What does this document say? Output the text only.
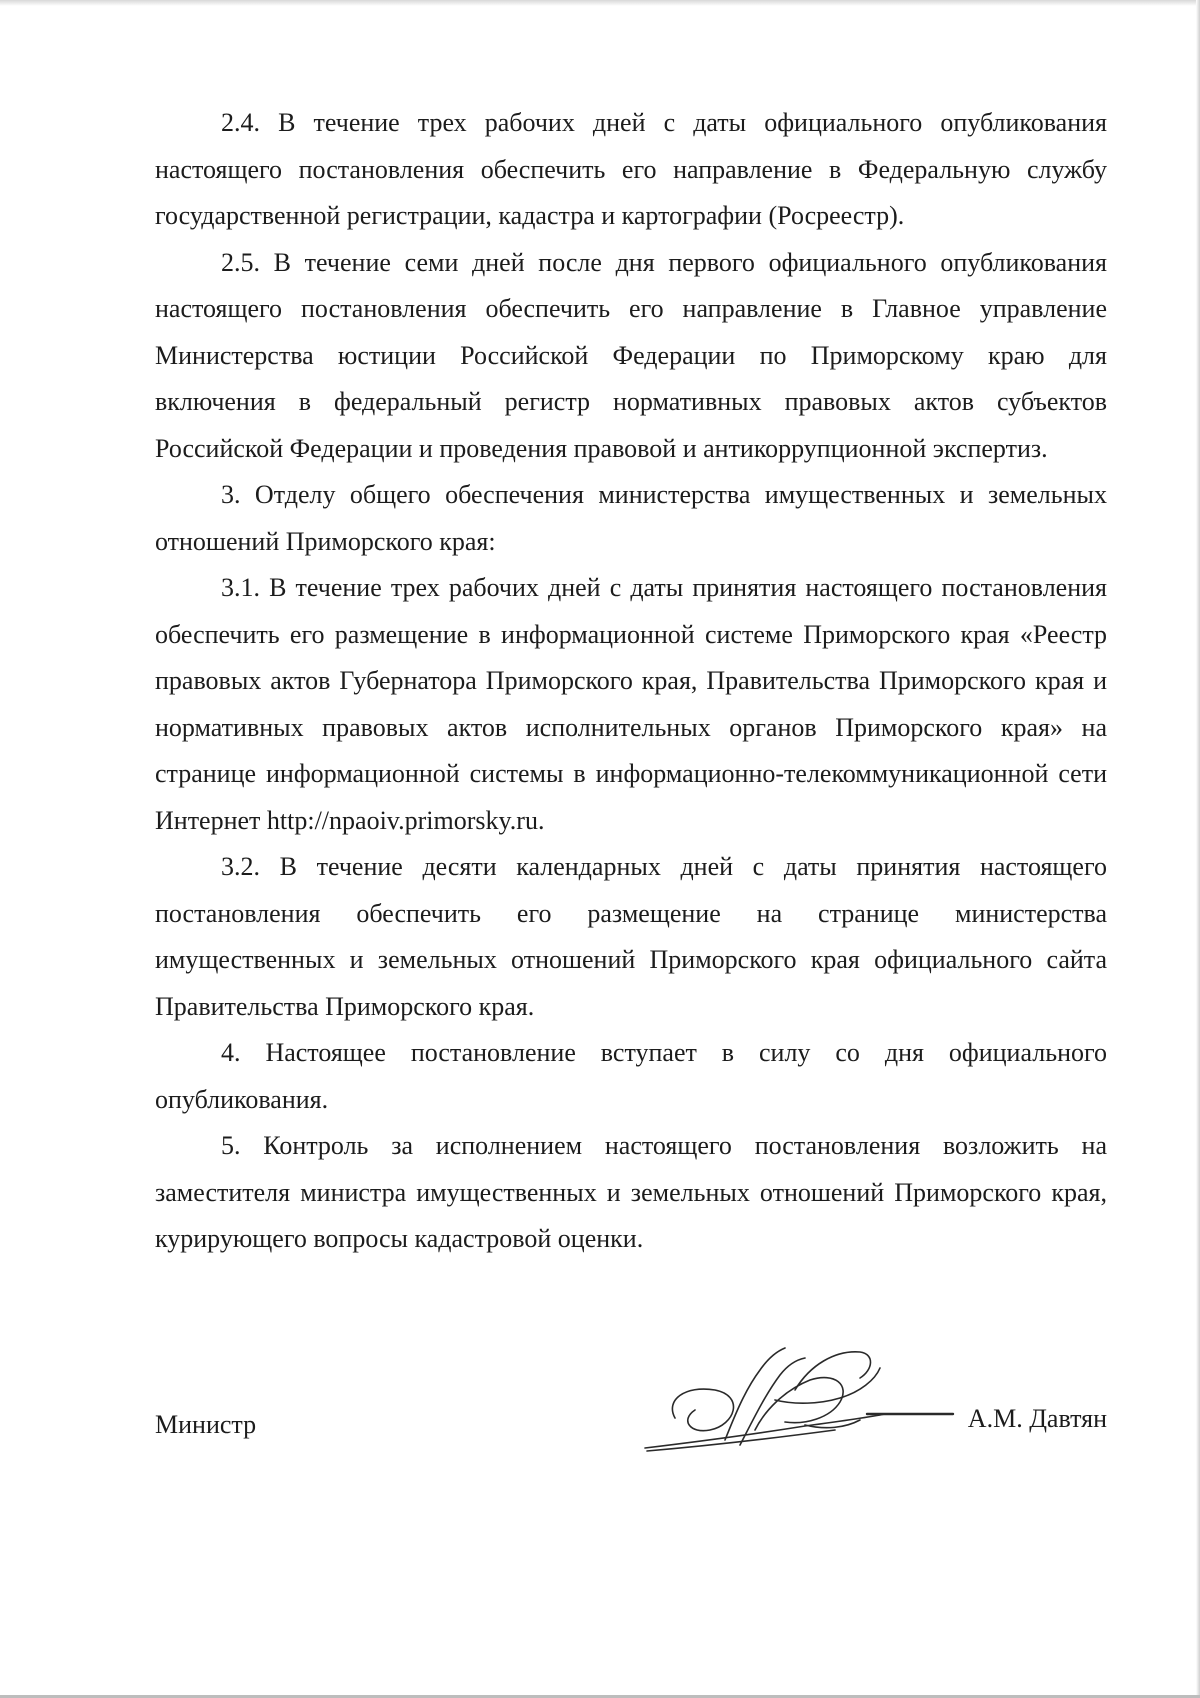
2.4. В течение трех рабочих дней с даты официального опубликования настоящего постановления обеспечить его направление в Федеральную службу государственной регистрации, кадастра и картографии (Росреестр).

2.5. В течение семи дней после дня первого официального опубликования настоящего постановления обеспечить его направление в Главное управление Министерства юстиции Российской Федерации по Приморскому краю для включения в федеральный регистр нормативных правовых актов субъектов Российской Федерации и проведения правовой и антикоррупционной экспертиз.

3. Отделу общего обеспечения министерства имущественных и земельных отношений Приморского края:

3.1. В течение трех рабочих дней с даты принятия настоящего постановления обеспечить его размещение в информационной системе Приморского края «Реестр правовых актов Губернатора Приморского края, Правительства Приморского края и нормативных правовых актов исполнительных органов Приморского края» на странице информационной системы в информационно-телекоммуникационной сети Интернет http://npaoiv.primorsky.ru.

3.2. В течение десяти календарных дней с даты принятия настоящего постановления обеспечить его размещение на странице министерства имущественных и земельных отношений Приморского края официального сайта Правительства Приморского края.

4. Настоящее постановление вступает в силу со дня официального опубликования.

5. Контроль за исполнением настоящего постановления возложить на заместителя министра имущественных и земельных отношений Приморского края, курирующего вопросы кадастровой оценки.

Министр	А.М. Давтян
